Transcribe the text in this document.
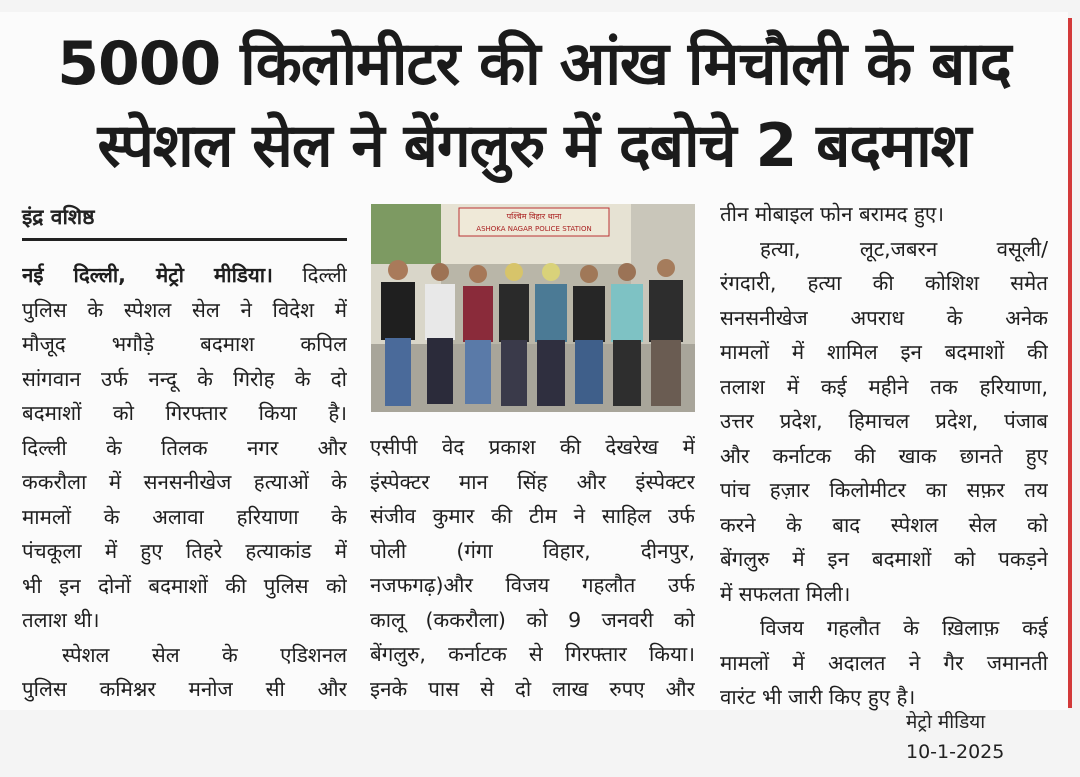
5000 किलोमीटर की आंख मिचौली के बाद
स्पेशल सेल ने बेंगलुरु में दबोचे 2 बदमाश
इंद्र वशिष्ठ
नई दिल्ली, मेट्रो मीडिया। दिल्ली
पुलिस के स्पेशल सेल ने विदेश में
मौजूद भगौड़े बदमाश कपिल
सांगवान उर्फ नन्दू के गिरोह के दो
बदमाशों को गिरफ्तार किया है।
दिल्ली के तिलक नगर और
ककरौला में सनसनीखेज हत्याओं के
मामलों के अलावा हरियाणा के
पंचकूला में हुए तिहरे हत्याकांड में
भी इन दोनों बदमाशों की पुलिस को
तलाश थी।
स्पेशल सेल के एडिशनल
पुलिस कमिश्नर मनोज सी और
पश्चिम विहार थाना
ASHOKA NAGAR POLICE STATION
एसीपी वेद प्रकाश की देखरेख में
इंस्पेक्टर मान सिंह और इंस्पेक्टर
संजीव कुमार की टीम ने साहिल उर्फ
पोली (गंगा विहार, दीनपुर,
नजफगढ़)और विजय गहलौत उर्फ
कालू (ककरौला) को 9 जनवरी को
बेंगलुरु, कर्नाटक से गिरफ्तार किया।
इनके पास से दो लाख रुपए और
तीन मोबाइल फोन बरामद हुए।
हत्या, लूट,जबरन वसूली/
रंगदारी, हत्या की कोशिश समेत
सनसनीखेज अपराध के अनेक
मामलों में शामिल इन बदमाशों की
तलाश में कई महीने तक हरियाणा,
उत्तर प्रदेश, हिमाचल प्रदेश, पंजाब
और कर्नाटक की खाक छानते हुए
पांच हज़ार किलोमीटर का सफ़र तय
करने के बाद स्पेशल सेल को
बेंगलुरु में इन बदमाशों को पकड़ने
में सफलता मिली।
विजय गहलौत के ख़िलाफ़ कई
मामलों में अदालत ने गैर जमानती
वारंट भी जारी किए हुए है।
मेट्रो मीडिया
10-1-2025
